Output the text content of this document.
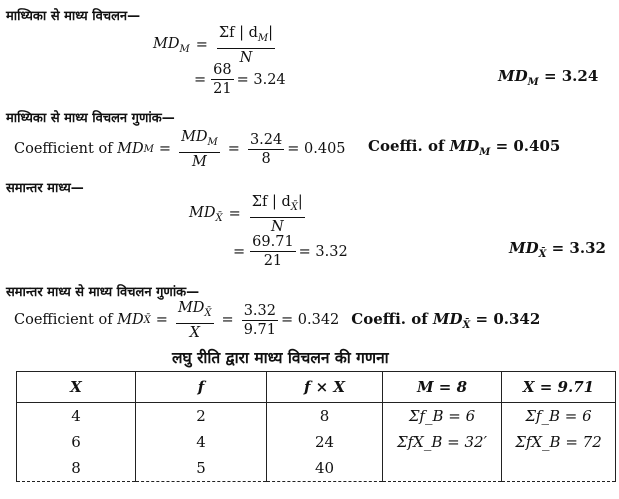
माध्यिका से माध्य विचलन—
$MD_M = \frac{\Sigma f | d_M|}{N}$
= $\frac{68}{21} = 3.24$	$MD_M = 3.24$
माध्यिका से माध्य विचलन गुणांक—
Coefficient of
MD $M = \frac{MD_M}{M} = \frac{3.24}{8} = 0.405$ Coeffi. of $MD_M = 0.405$
समान्तर माध्य—
$MD_{X̄} = \frac{\Sigma f | d_{X̄}|}{N}$
= $\frac{69.71}{21} = 3.32$	$MD_{X̄} = 3.32$
समान्तर माध्य से माध्य विचलन गुणांक—
Coefficient of
MD X̄ = $\frac{MD_{X̄}}{X} = \frac{3.32}{9.71} = 0.342$ Coeffi. of $MD_{X̄} = 0.342$
लघु रीति द्वारा माध्य विचलन की गणना
X	f	f × X	M = 8	X = 9.71
4	2	8	Σf_B = 6	Σf_B = 6
6	4	24	ΣfX_B = 32′	ΣfX_B = 72
8	5	40		
